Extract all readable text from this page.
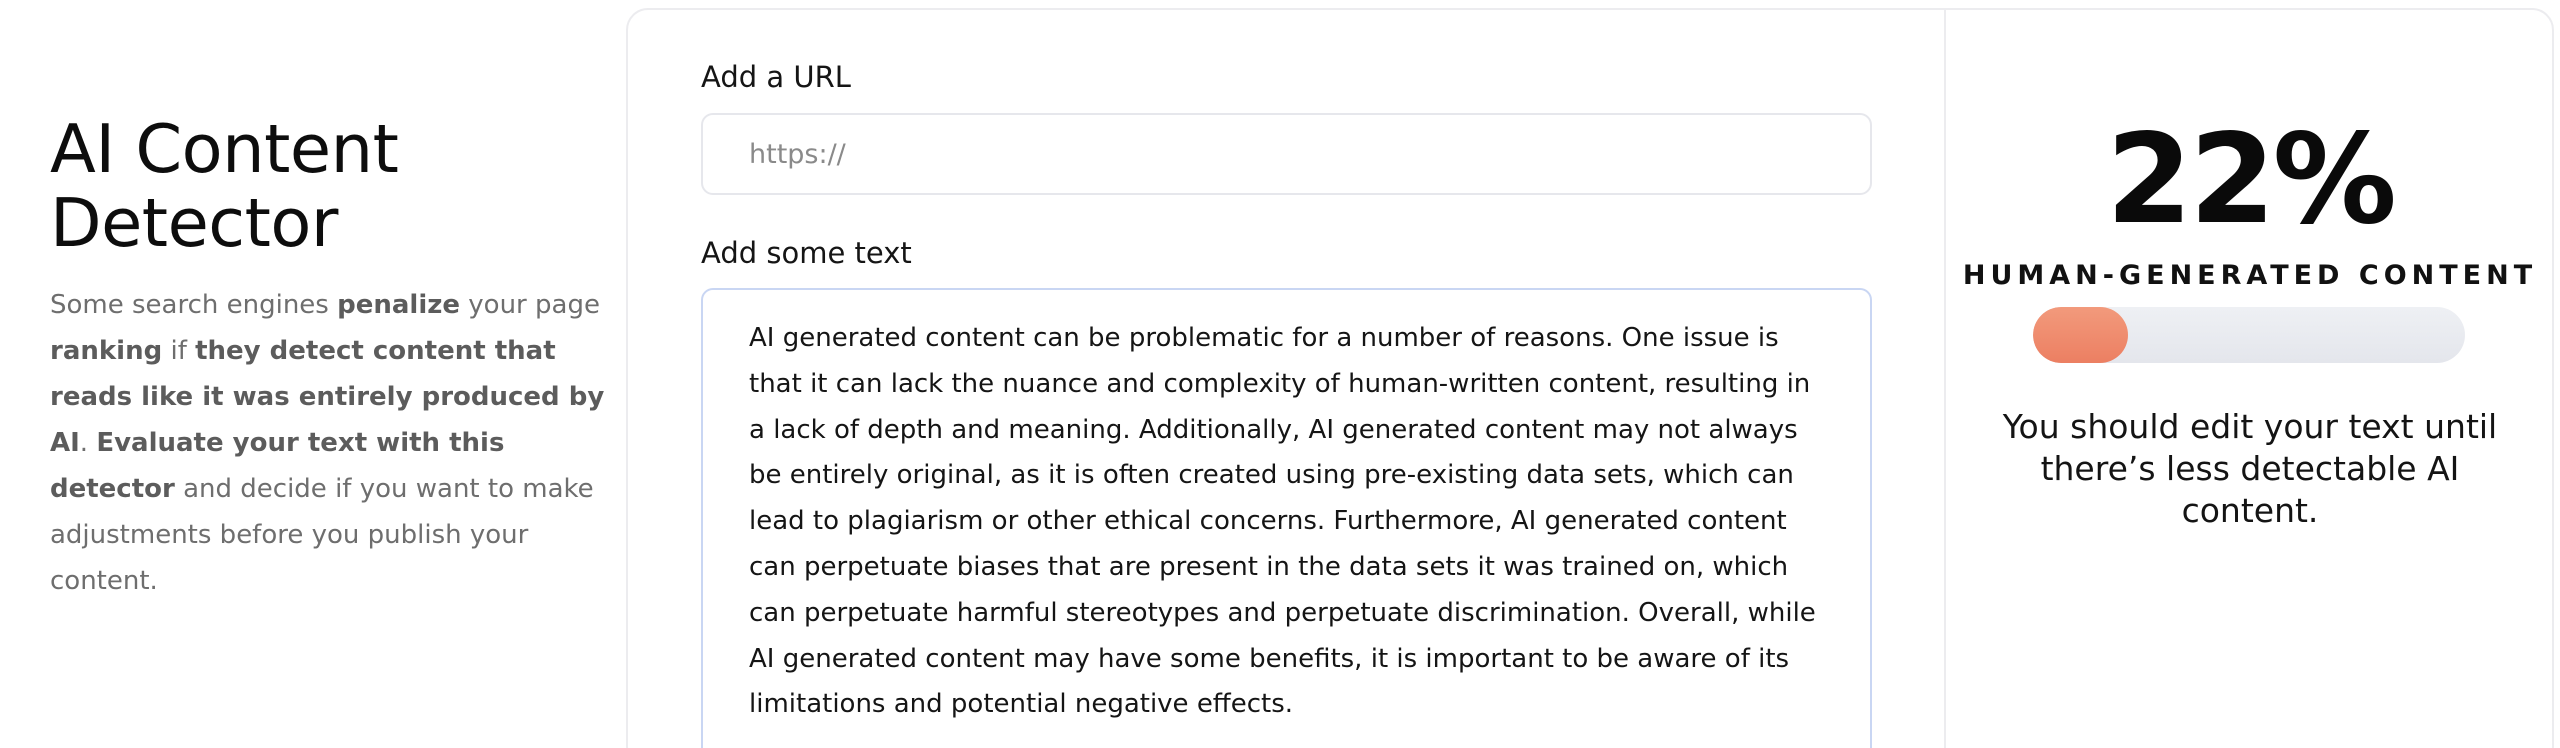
AI Content Detector

Some search engines penalize your page ranking if they detect content that reads like it was entirely produced by AI. Evaluate your text with this detector and decide if you want to make adjustments before you publish your content.

Add a URL
https://
Add some text
AI generated content can be problematic for a number of reasons. One issue is that it can lack the nuance and complexity of human-written content, resulting in a lack of depth and meaning. Additionally, AI generated content may not always be entirely original, as it is often created using pre-existing data sets, which can lead to plagiarism or other ethical concerns. Furthermore, AI generated content can perpetuate biases that are present in the data sets it was trained on, which can perpetuate harmful stereotypes and perpetuate discrimination. Overall, while AI generated content may have some benefits, it is important to be aware of its limitations and potential negative effects.
22%
HUMAN-GENERATED CONTENT
You should edit your text until there’s less detectable AI content.
